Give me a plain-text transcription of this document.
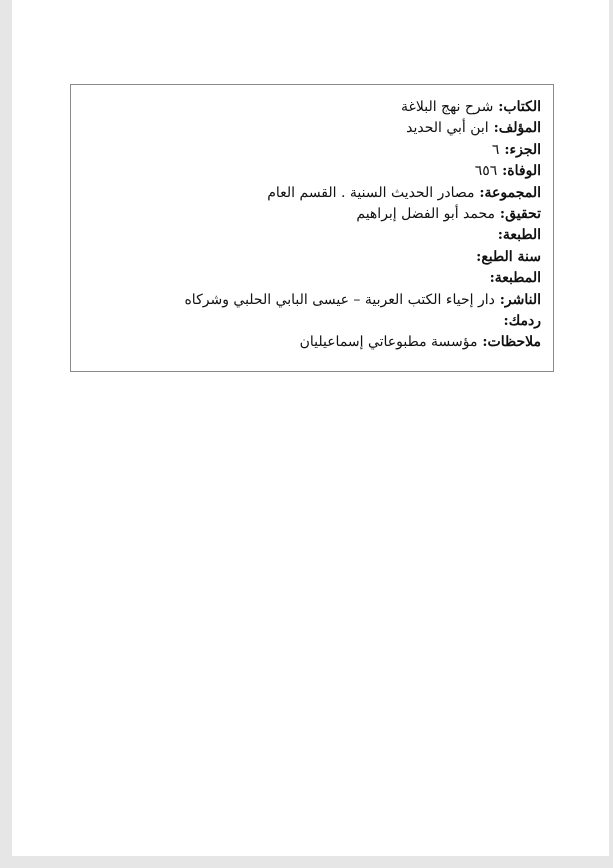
الكتاب: شرح نهج البلاغة
المؤلف: ابن أبي الحديد
الجزء: ٦
الوفاة: ٦٥٦
المجموعة: مصادر الحديث السنية . القسم العام
تحقيق: محمد أبو الفضل إبراهيم
الطبعة:
سنة الطبع:
المطبعة:
الناشر: دار إحياء الكتب العربية – عيسى البابي الحلبي وشركاه
ردمك:
ملاحظات: مؤسسة مطبوعاتي إسماعيليان
